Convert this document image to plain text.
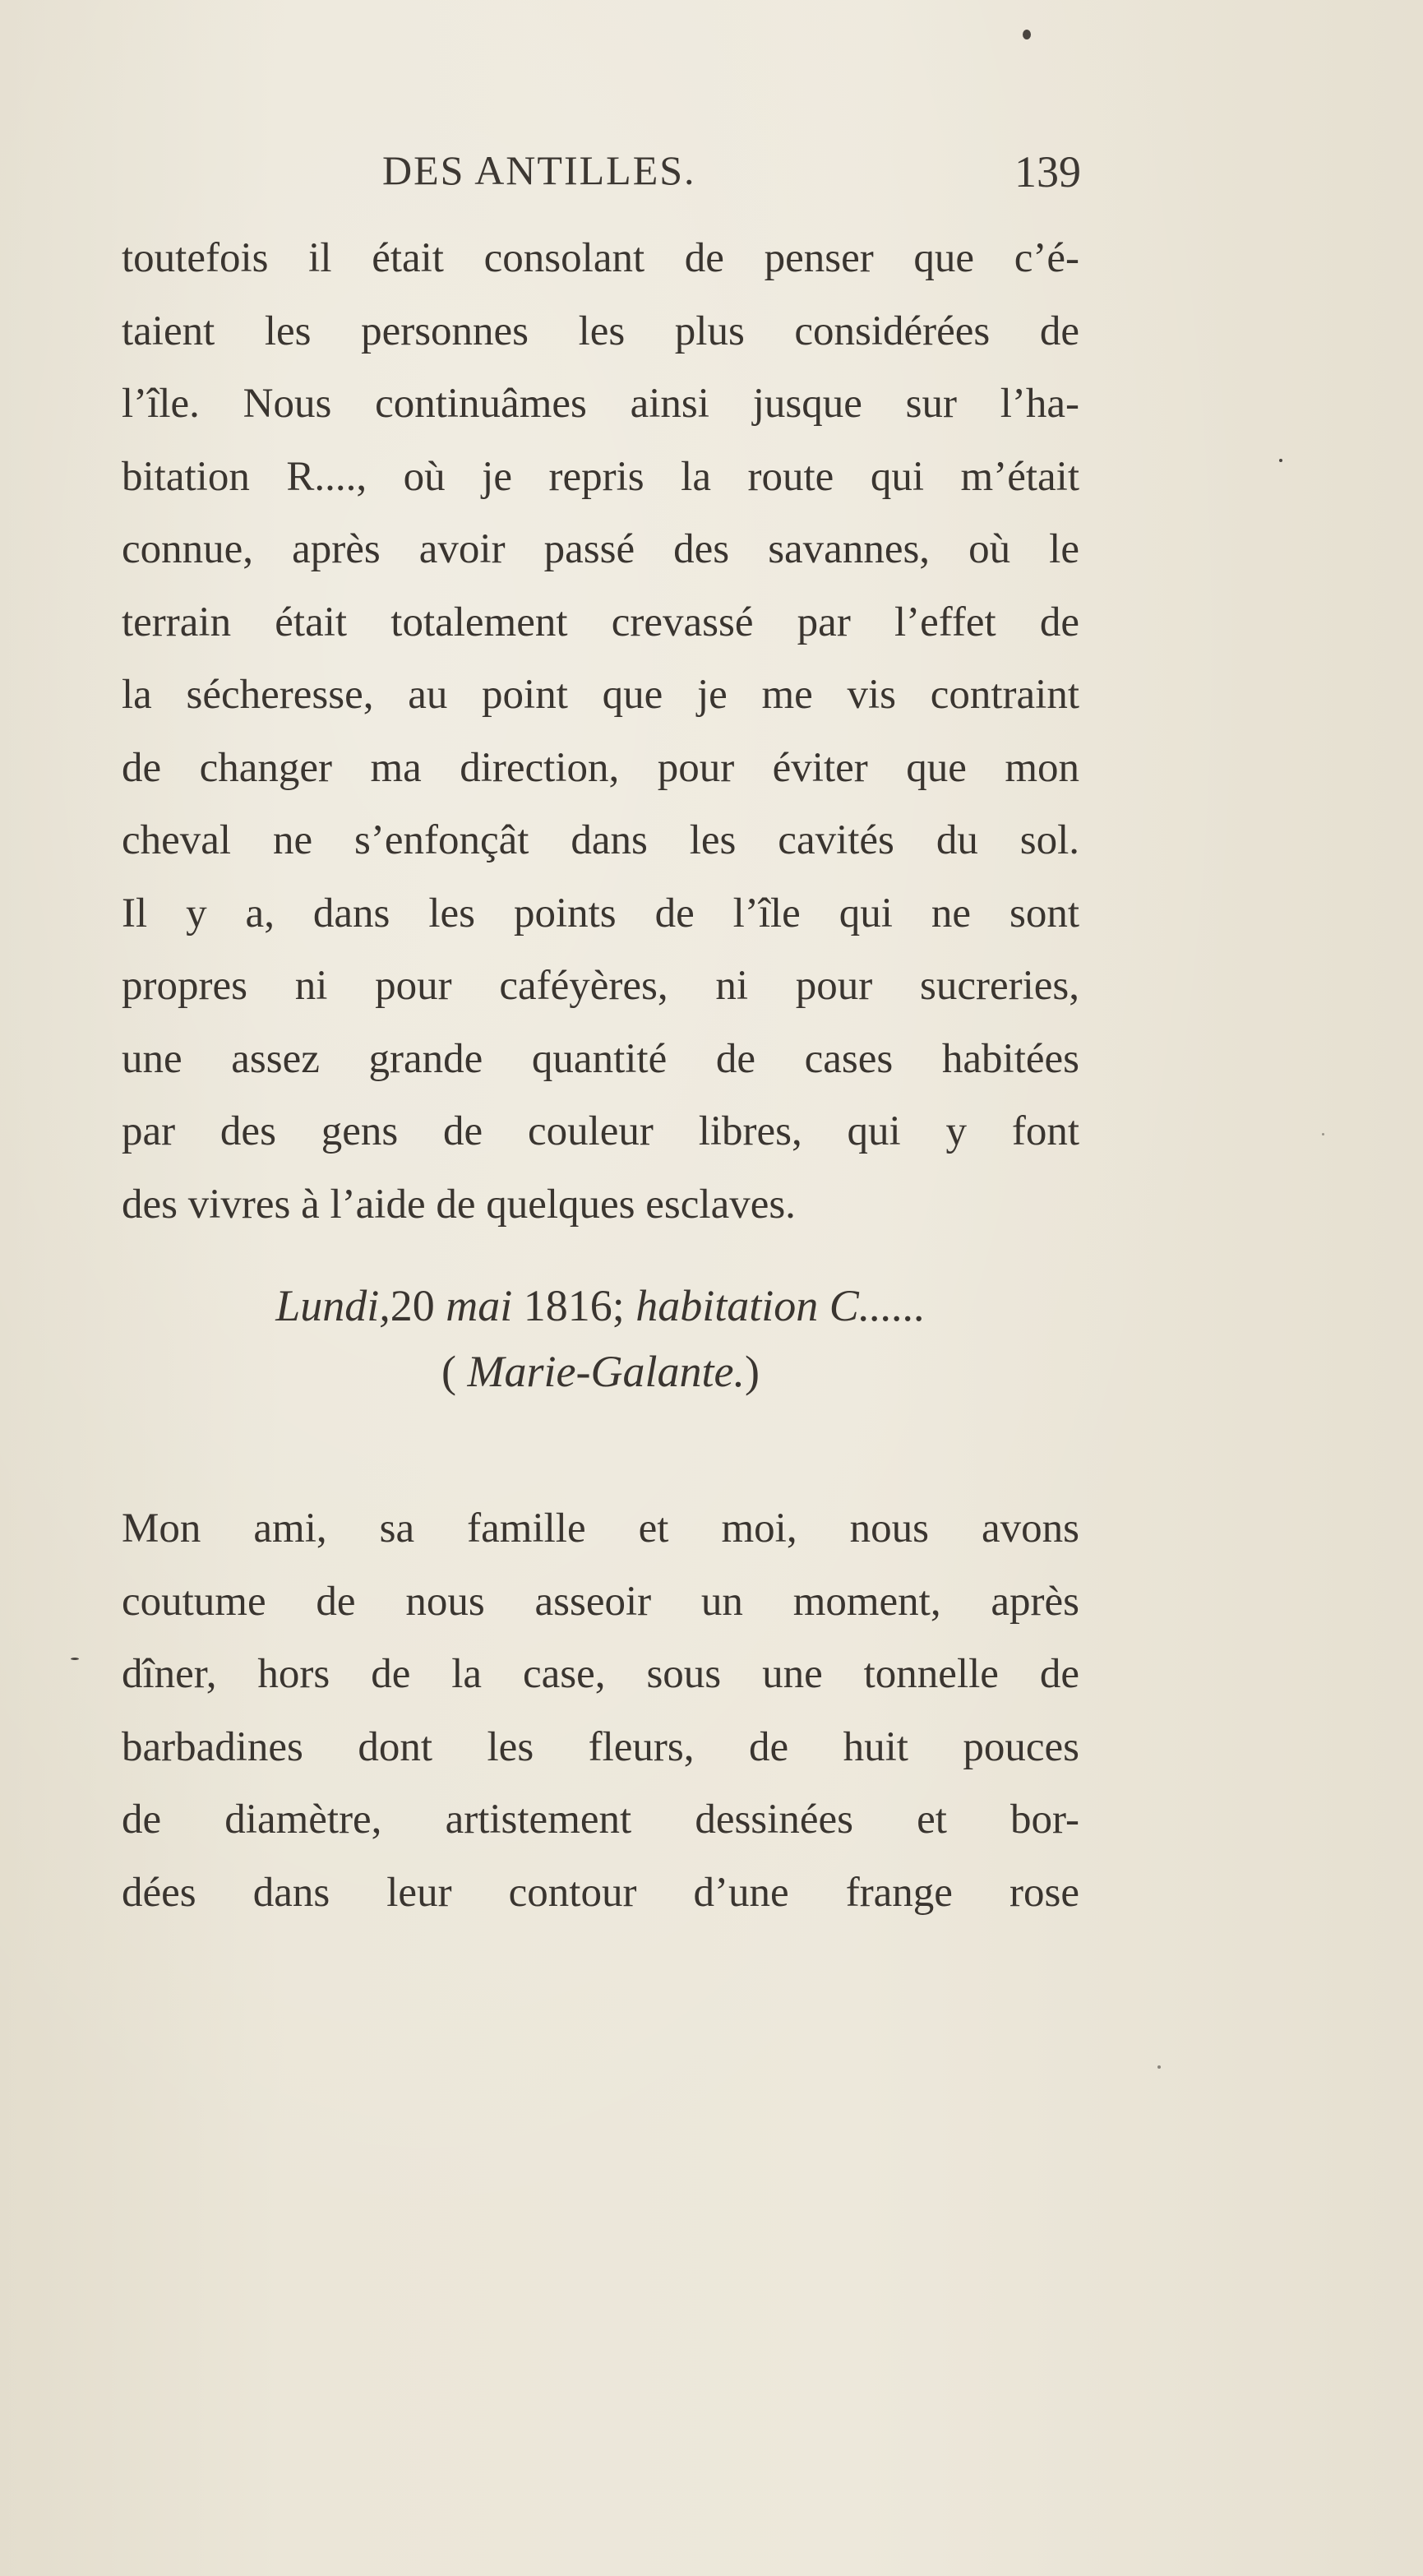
DES ANTILLES.	139
toutefois il était consolant de penser que c’é-
taient les personnes les plus considérées de
l’île. Nous continuâmes ainsi jusque sur l’ha-
bitation R...., où je repris la route qui m’était
connue, après avoir passé des savannes, où le
terrain était totalement crevassé par l’effet de
la sécheresse, au point que je me vis contraint
de changer ma direction, pour éviter que mon
cheval ne s’enfonçât dans les cavités du sol.
Il y a, dans les points de l’île qui ne sont
propres ni pour caféyères, ni pour sucreries,
une assez grande quantité de cases habitées
par des gens de couleur libres, qui y font
des vivres à l’aide de quelques esclaves.
Lundi,20 mai 1816; habitation C......
( Marie-Galante.)
Mon ami, sa famille et moi, nous avons
coutume de nous asseoir un moment, après
dîner, hors de la case, sous une tonnelle de
barbadines dont les fleurs, de huit pouces
de diamètre, artistement dessinées et bor-
dées dans leur contour d’une frange rose
